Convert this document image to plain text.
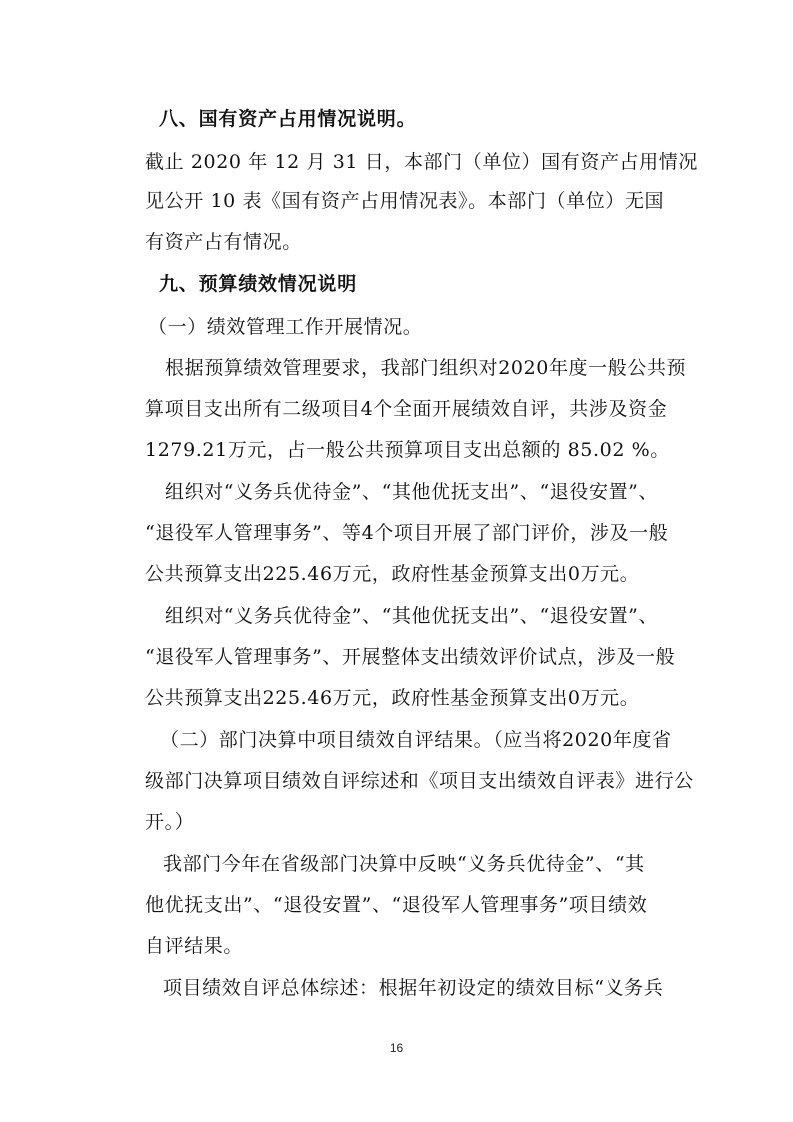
八、国有资产占用情况说明。
截止 2020 年 12 月 31 日，本部门（单位）国有资产占用情况
见公开 10 表《国有资产占用情况表》。本部门（单位）无国
有资产占有情况。
九、预算绩效情况说明
（一）绩效管理工作开展情况。
根据预算绩效管理要求，我部门组织对2020年度一般公共预
算项目支出所有二级项目4个全面开展绩效自评，共涉及资金
1279.21万元，占一般公共预算项目支出总额的 85.02 %。
组织对“义务兵优待金”、“其他优抚支出”、“退役安置”、
“退役军人管理事务”、等4个项目开展了部门评价，涉及一般
公共预算支出225.46万元，政府性基金预算支出0万元。
组织对“义务兵优待金”、“其他优抚支出”、“退役安置”、
“退役军人管理事务”、开展整体支出绩效评价试点，涉及一般
公共预算支出225.46万元，政府性基金预算支出0万元。
（二）部门决算中项目绩效自评结果。（应当将2020年度省
级部门决算项目绩效自评综述和《项目支出绩效自评表》进行公
开。）
我部门今年在省级部门决算中反映“义务兵优待金”、“其
他优抚支出”、“退役安置”、“退役军人管理事务”项目绩效
自评结果。
项目绩效自评总体综述：根据年初设定的绩效目标“义务兵
16
